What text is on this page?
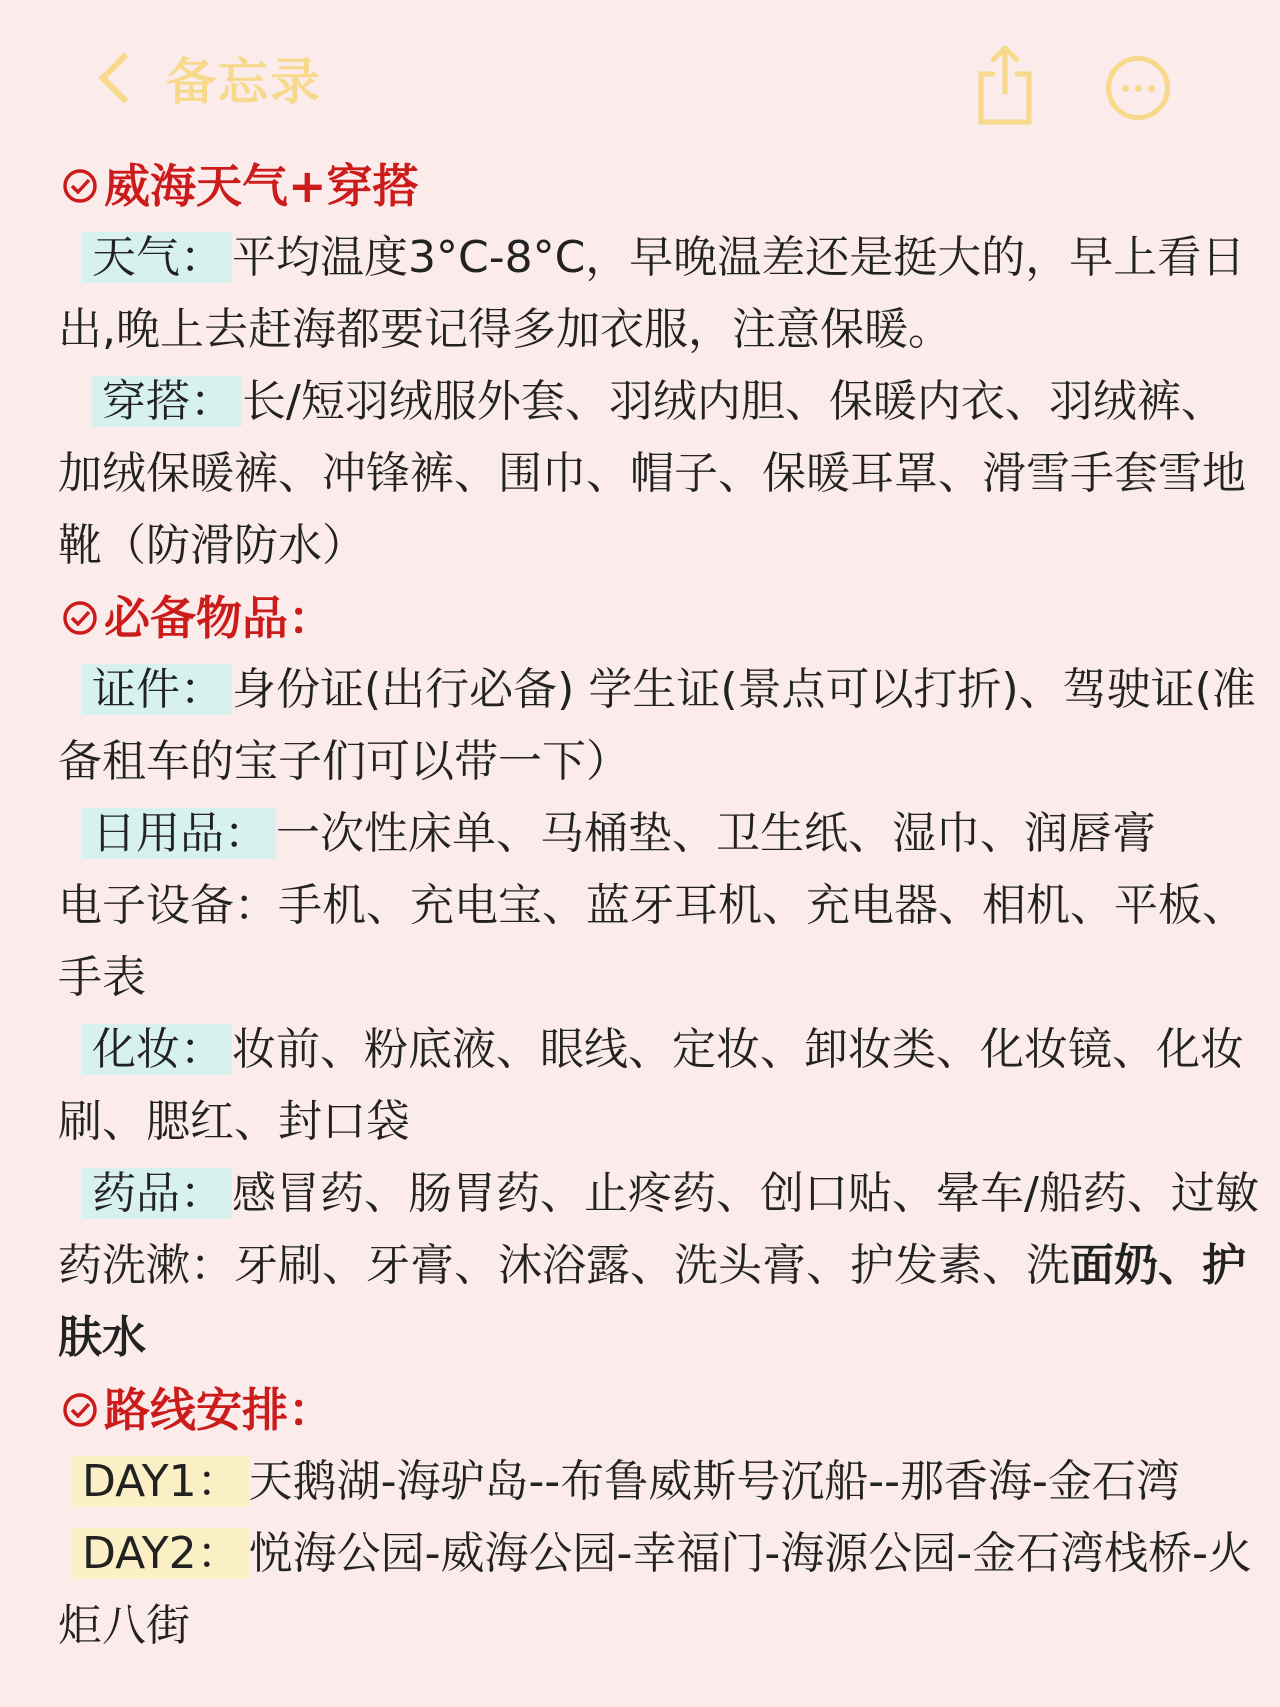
备忘录
威海天气+穿搭

天气： 平均温度3°C-8°C，早晚温差还是挺大的，早上看日出,晚上去赶海都要记得多加衣服，注意保暖。

穿搭： 长/短羽绒服外套、羽绒内胆、保暖内衣、羽绒裤、加绒保暖裤、冲锋裤、围巾、帽子、保暖耳罩、滑雪手套雪地靴（防滑防水）

必备物品：

证件： 身份证(出行必备) 学生证(景点可以打折)、驾驶证(准备租车的宝子们可以带一下）

日用品： 一次性床单、马桶垫、卫生纸、湿巾、润唇膏

电子设备：手机、充电宝、蓝牙耳机、充电器、相机、平板、手表

化妆： 妆前、粉底液、眼线、定妆、卸妆类、化妆镜、化妆刷、腮红、封口袋

药品： 感冒药、肠胃药、止疼药、创口贴、晕车/船药、过敏药洗漱：牙刷、牙膏、沐浴露、洗头膏、护发素、洗面奶、护肤水

路线安排：

DAY1： 天鹅湖-海驴岛--布鲁威斯号沉船--那香海-金石湾

DAY2： 悦海公园-威海公园-幸福门-海源公园-金石湾栈桥-火炬八街
